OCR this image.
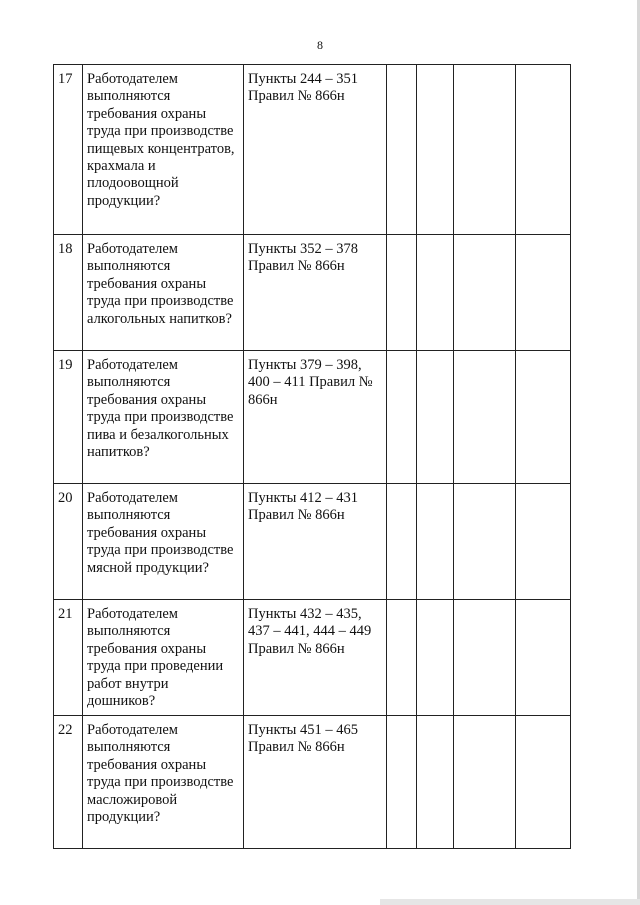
8
17	Работодателем выполняются требования охраны труда при производстве пищевых концентратов, крахмала и плодоовощной продукции?	Пункты 244 – 351 Правил № 866н				
18	Работодателем выполняются требования охраны труда при производстве алкогольных напитков?	Пункты 352 – 378 Правил № 866н				
19	Работодателем выполняются требования охраны труда при производстве пива и безалкогольных напитков?	Пункты 379 – 398, 400 – 411 Правил № 866н				
20	Работодателем выполняются требования охраны труда при производстве мясной продукции?	Пункты 412 – 431 Правил № 866н				
21	Работодателем выполняются требования охраны труда при проведении работ внутри дошников?	Пункты 432 – 435, 437 – 441, 444 – 449 Правил № 866н				
22	Работодателем выполняются требования охраны труда при производстве масложировой продукции?	Пункты 451 – 465 Правил № 866н				
